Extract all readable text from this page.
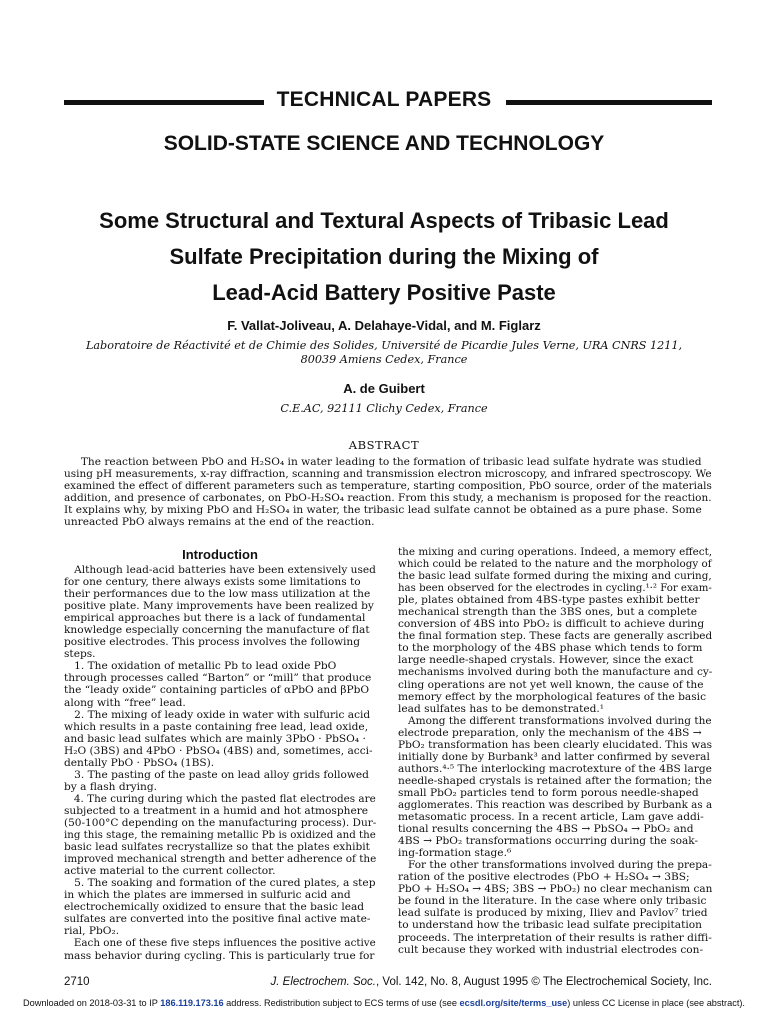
TECHNICAL PAPERS
SOLID-STATE SCIENCE AND TECHNOLOGY
Some Structural and Textural Aspects of Tribasic Lead
Sulfate Precipitation during the Mixing of
Lead-Acid Battery Positive Paste
F. Vallat-Joliveau, A. Delahaye-Vidal, and M. Figlarz
Laboratoire de Réactivité et de Chimie des Solides, Université de Picardie Jules Verne, URA CNRS 1211,
80039 Amiens Cedex, France
A. de Guibert
C.E.AC, 92111 Clichy Cedex, France
ABSTRACT
The reaction between PbO and H₂SO₄ in water leading to the formation of tribasic lead sulfate hydrate was studied
using pH measurements, x-ray diffraction, scanning and transmission electron microscopy, and infrared spectroscopy. We
examined the effect of different parameters such as temperature, starting composition, PbO source, order of the materials
addition, and presence of carbonates, on PbO-H₂SO₄ reaction. From this study, a mechanism is proposed for the reaction.
It explains why, by mixing PbO and H₂SO₄ in water, the tribasic lead sulfate cannot be obtained as a pure phase. Some
unreacted PbO always remains at the end of the reaction.
Introduction
Although lead-acid batteries have been extensively used
for one century, there always exists some limitations to
their performances due to the low mass utilization at the
positive plate. Many improvements have been realized by
empirical approaches but there is a lack of fundamental
knowledge especially concerning the manufacture of flat
positive electrodes. This process involves the following
steps.
1. The oxidation of metallic Pb to lead oxide PbO
through processes called “Barton” or “mill” that produce
the “leady oxide” containing particles of αPbO and βPbO
along with “free” lead.
2. The mixing of leady oxide in water with sulfuric acid
which results in a paste containing free lead, lead oxide,
and basic lead sulfates which are mainly 3PbO · PbSO₄ ·
H₂O (3BS) and 4PbO · PbSO₄ (4BS) and, sometimes, acci-
dentally PbO · PbSO₄ (1BS).
3. The pasting of the paste on lead alloy grids followed
by a flash drying.
4. The curing during which the pasted flat electrodes are
subjected to a treatment in a humid and hot atmosphere
(50-100°C depending on the manufacturing process). Dur-
ing this stage, the remaining metallic Pb is oxidized and the
basic lead sulfates recrystallize so that the plates exhibit
improved mechanical strength and better adherence of the
active material to the current collector.
5. The soaking and formation of the cured plates, a step
in which the plates are immersed in sulfuric acid and
electrochemically oxidized to ensure that the basic lead
sulfates are converted into the positive final active mate-
rial, PbO₂.
Each one of these five steps influences the positive active
mass behavior during cycling. This is particularly true for
the mixing and curing operations. Indeed, a memory effect,
which could be related to the nature and the morphology of
the basic lead sulfate formed during the mixing and curing,
has been observed for the electrodes in cycling.¹·² For exam-
ple, plates obtained from 4BS-type pastes exhibit better
mechanical strength than the 3BS ones, but a complete
conversion of 4BS into PbO₂ is difficult to achieve during
the final formation step. These facts are generally ascribed
to the morphology of the 4BS phase which tends to form
large needle-shaped crystals. However, since the exact
mechanisms involved during both the manufacture and cy-
cling operations are not yet well known, the cause of the
memory effect by the morphological features of the basic
lead sulfates has to be demonstrated.¹
Among the different transformations involved during the
electrode preparation, only the mechanism of the 4BS →
PbO₂ transformation has been clearly elucidated. This was
initially done by Burbank³ and latter confirmed by several
authors.⁴·⁵ The interlocking macrotexture of the 4BS large
needle-shaped crystals is retained after the formation; the
small PbO₂ particles tend to form porous needle-shaped
agglomerates. This reaction was described by Burbank as a
metasomatic process. In a recent article, Lam gave addi-
tional results concerning the 4BS → PbSO₄ → PbO₂ and
4BS → PbO₂ transformations occurring during the soak-
ing-formation stage.⁶
For the other transformations involved during the prepa-
ration of the positive electrodes (PbO + H₂SO₄ → 3BS;
PbO + H₂SO₄ → 4BS; 3BS → PbO₂) no clear mechanism can
be found in the literature. In the case where only tribasic
lead sulfate is produced by mixing, Iliev and Pavlov⁷ tried
to understand how the tribasic lead sulfate precipitation
proceeds. The interpretation of their results is rather diffi-
cult because they worked with industrial electrodes con-
2710	J. Electrochem. Soc., Vol. 142, No. 8, August 1995 © The Electrochemical Society, Inc.
Downloaded on 2018-03-31 to IP 186.119.173.16 address. Redistribution subject to ECS terms of use (see ecsdl.org/site/terms_use) unless CC License in place (see abstract).
